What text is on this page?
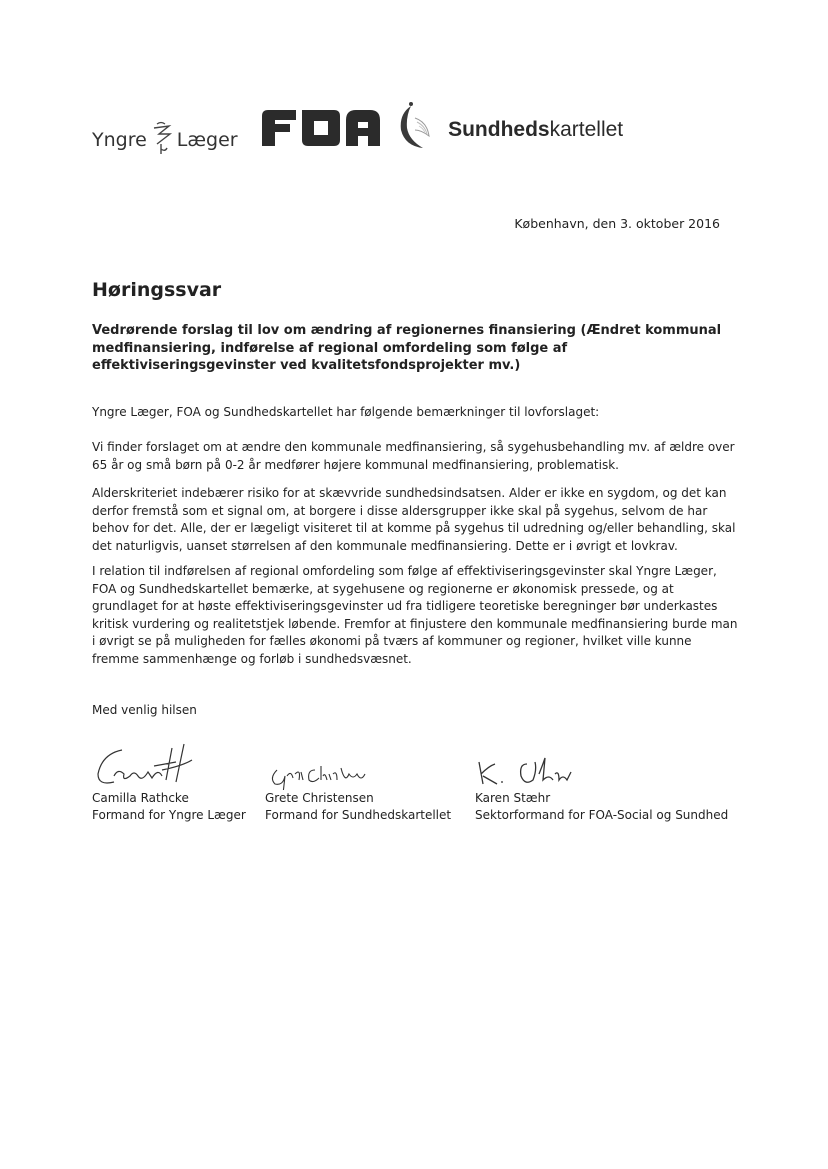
Yngre Læger	Sundhedskartellet
København, den 3. oktober 2016
Høringssvar
Vedrørende forslag til lov om ændring af regionernes finansiering (Ændret kommunal medfinansiering, indførelse af regional omfordeling som følge af effektiviseringsgevinster ved kvalitetsfondsprojekter mv.)
Yngre Læger, FOA og Sundhedskartellet har følgende bemærkninger til lovforslaget:
Vi finder forslaget om at ændre den kommunale medfinansiering, så sygehusbehandling mv. af ældre over 65 år og små børn på 0-2 år medfører højere kommunal medfinansiering, problematisk.
Alderskriteriet indebærer risiko for at skævvride sundhedsindsatsen. Alder er ikke en sygdom, og det kan derfor fremstå som et signal om, at borgere i disse aldersgrupper ikke skal på sygehus, selvom de har behov for det. Alle, der er lægeligt visiteret til at komme på sygehus til udredning og/eller behandling, skal det naturligvis, uanset størrelsen af den kommunale medfinansiering. Dette er i øvrigt et lovkrav.
I relation til indførelsen af regional omfordeling som følge af effektiviseringsgevinster skal Yngre Læger, FOA og Sundhedskartellet bemærke, at sygehusene og regionerne er økonomisk pressede, og at grundlaget for at høste effektiviseringsgevinster ud fra tidligere teoretiske beregninger bør underkastes kritisk vurdering og realitetstjek løbende. Fremfor at finjustere den kommunale medfinansiering burde man i øvrigt se på muligheden for fælles økonomi på tværs af kommuner og regioner, hvilket ville kunne fremme sammenhænge og forløb i sundhedsvæsnet.
Med venlig hilsen
Camilla Rathcke
Formand for Yngre Læger
Grete Christensen
Formand for Sundhedskartellet
Karen Stæhr
Sektorformand for FOA-Social og Sundhed
